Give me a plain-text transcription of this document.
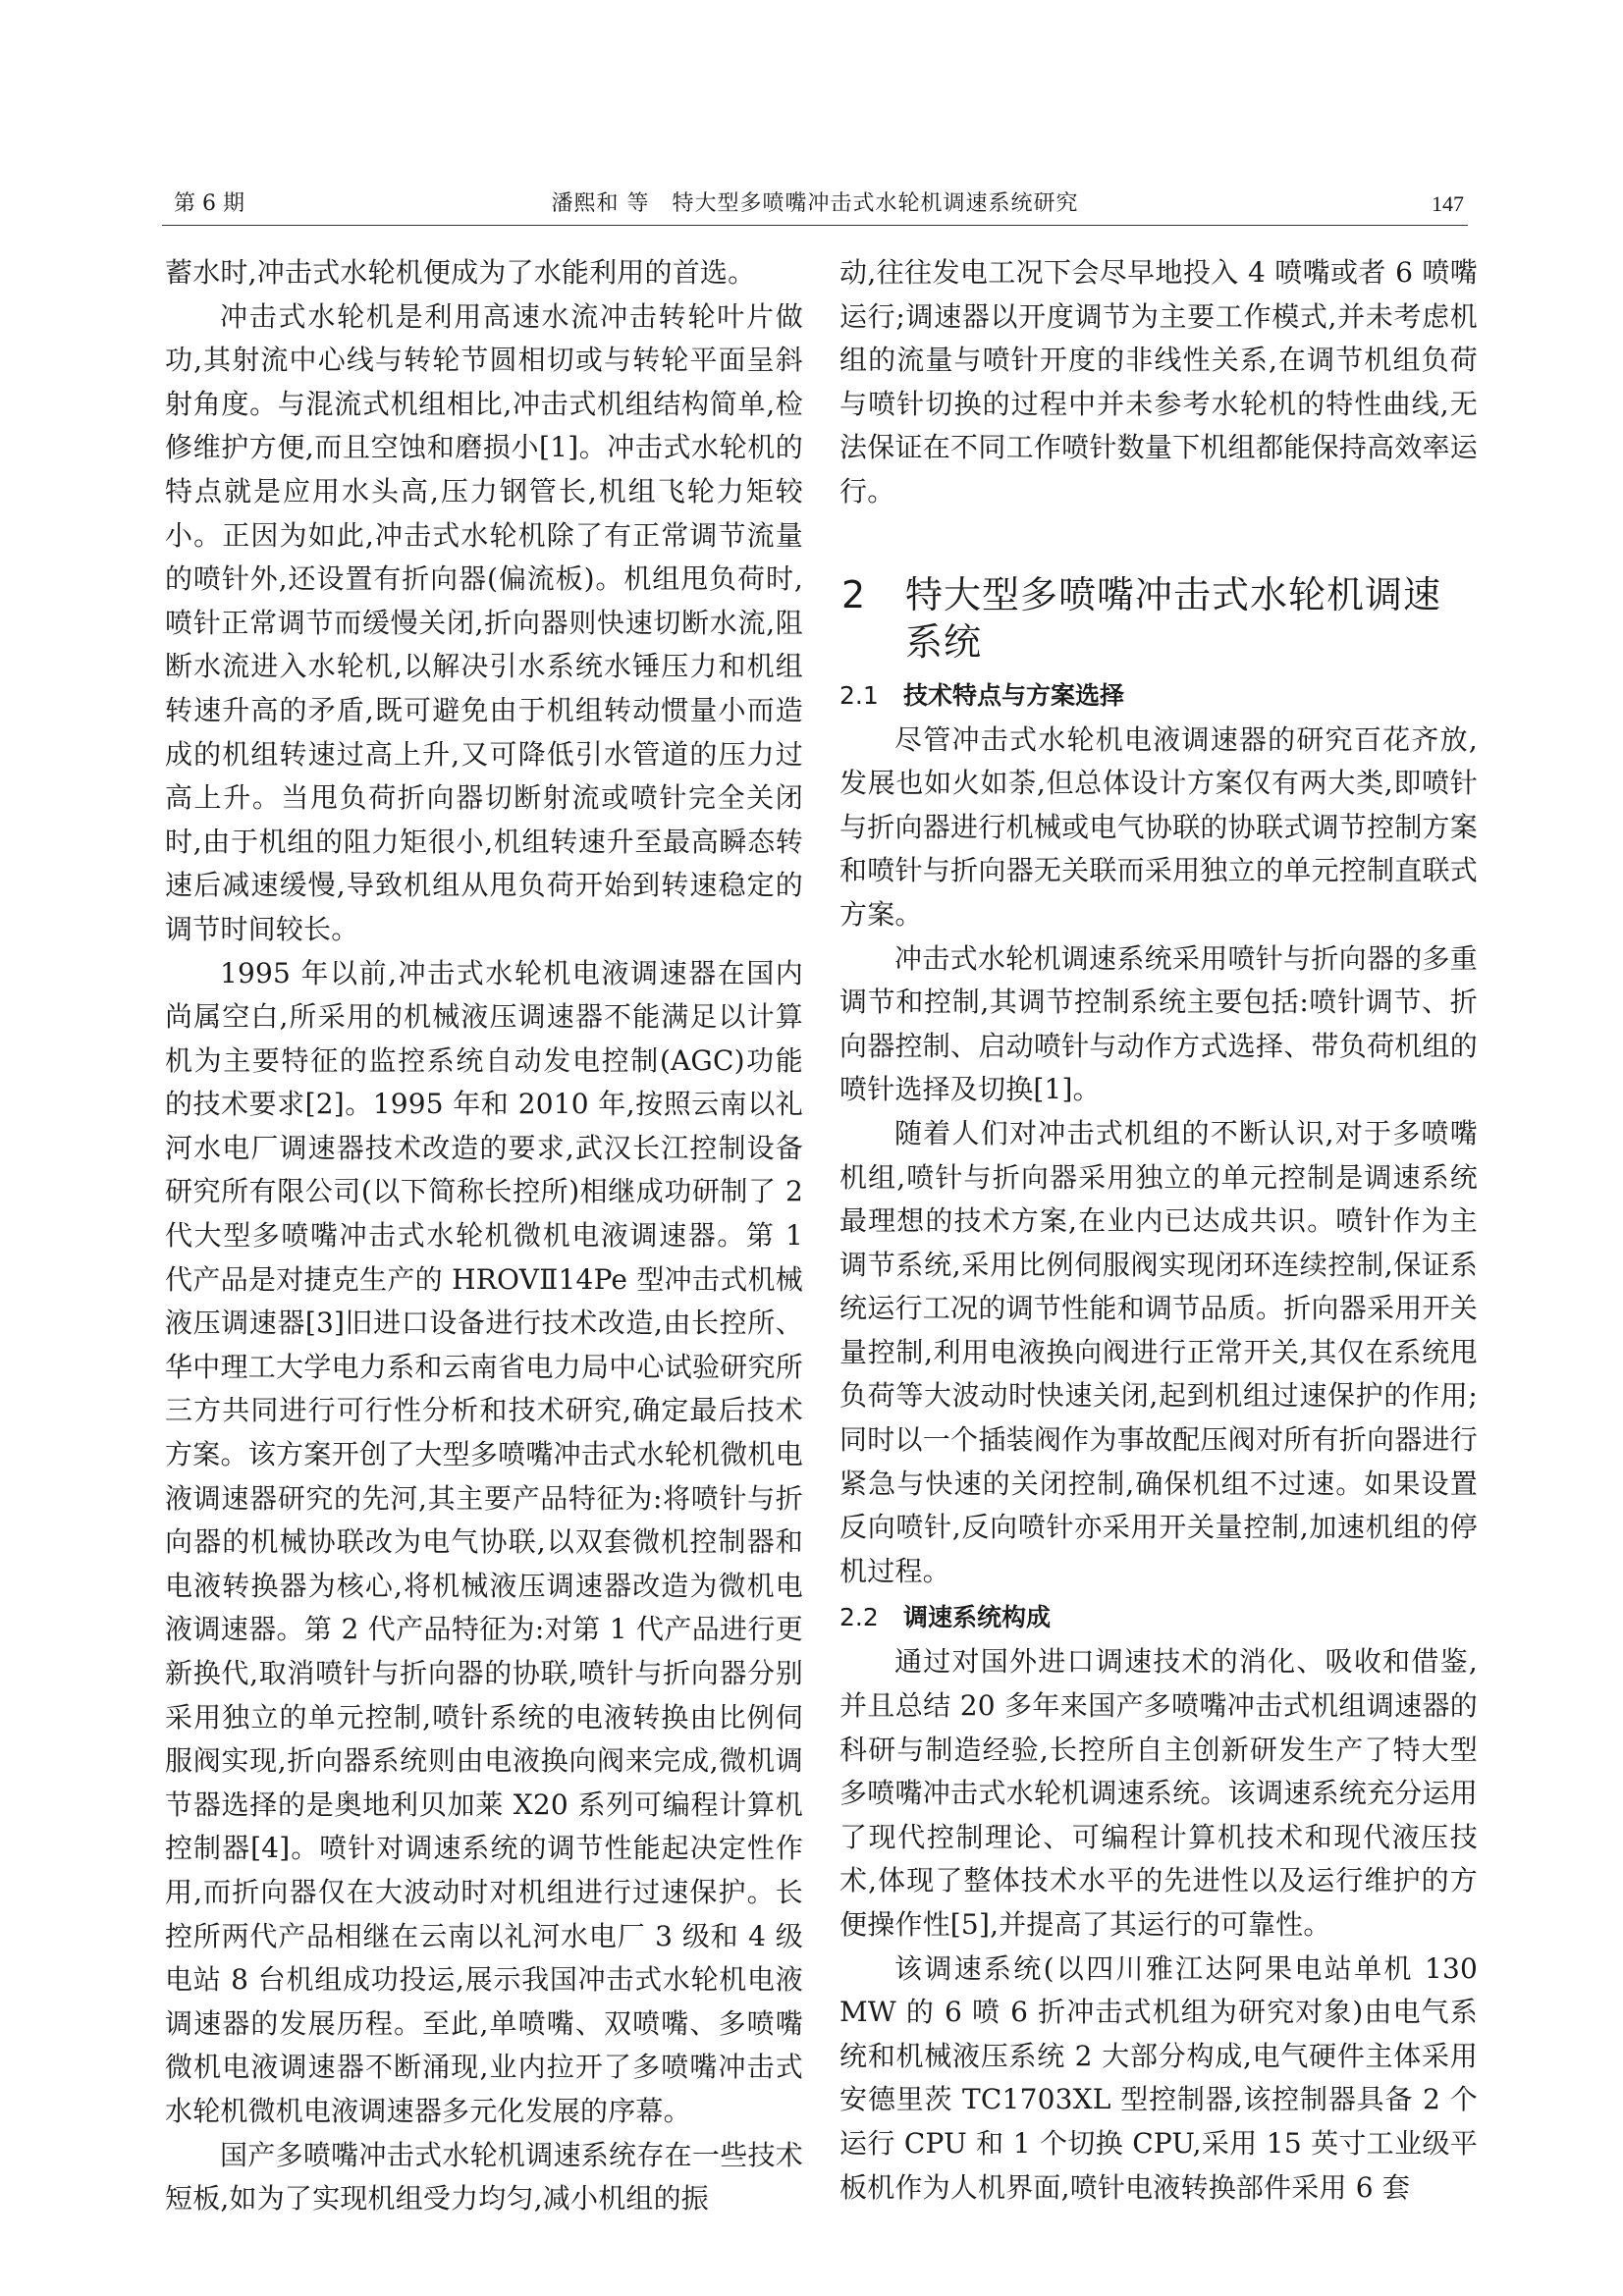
第 6 期	潘熙和 等　特大型多喷嘴冲击式水轮机调速系统研究	147

蓄水时,冲击式水轮机便成为了水能利用的首选。

冲击式水轮机是利用高速水流冲击转轮叶片做功,其射流中心线与转轮节圆相切或与转轮平面呈斜射角度。与混流式机组相比,冲击式机组结构简单,检修维护方便,而且空蚀和磨损小[1]。冲击式水轮机的特点就是应用水头高,压力钢管长,机组飞轮力矩较小。正因为如此,冲击式水轮机除了有正常调节流量的喷针外,还设置有折向器(偏流板)。机组甩负荷时,喷针正常调节而缓慢关闭,折向器则快速切断水流,阻断水流进入水轮机,以解决引水系统水锤压力和机组转速升高的矛盾,既可避免由于机组转动惯量小而造成的机组转速过高上升,又可降低引水管道的压力过高上升。当甩负荷折向器切断射流或喷针完全关闭时,由于机组的阻力矩很小,机组转速升至最高瞬态转速后减速缓慢,导致机组从甩负荷开始到转速稳定的调节时间较长。

1995 年以前,冲击式水轮机电液调速器在国内尚属空白,所采用的机械液压调速器不能满足以计算机为主要特征的监控系统自动发电控制(AGC)功能的技术要求[2]。1995 年和 2010 年,按照云南以礼河水电厂调速器技术改造的要求,武汉长江控制设备研究所有限公司(以下简称长控所)相继成功研制了 2 代大型多喷嘴冲击式水轮机微机电液调速器。第 1 代产品是对捷克生产的 HROVⅡ14Pe 型冲击式机械液压调速器[3]旧进口设备进行技术改造,由长控所、华中理工大学电力系和云南省电力局中心试验研究所三方共同进行可行性分析和技术研究,确定最后技术方案。该方案开创了大型多喷嘴冲击式水轮机微机电液调速器研究的先河,其主要产品特征为:将喷针与折向器的机械协联改为电气协联,以双套微机控制器和电液转换器为核心,将机械液压调速器改造为微机电液调速器。第 2 代产品特征为:对第 1 代产品进行更新换代,取消喷针与折向器的协联,喷针与折向器分别采用独立的单元控制,喷针系统的电液转换由比例伺服阀实现,折向器系统则由电液换向阀来完成,微机调节器选择的是奥地利贝加莱 X20 系列可编程计算机控制器[4]。喷针对调速系统的调节性能起决定性作用,而折向器仅在大波动时对机组进行过速保护。长控所两代产品相继在云南以礼河水电厂 3 级和 4 级电站 8 台机组成功投运,展示我国冲击式水轮机电液调速器的发展历程。至此,单喷嘴、双喷嘴、多喷嘴微机电液调速器不断涌现,业内拉开了多喷嘴冲击式水轮机微机电液调速器多元化发展的序幕。

国产多喷嘴冲击式水轮机调速系统存在一些技术短板,如为了实现机组受力均匀,减小机组的振

动,往往发电工况下会尽早地投入 4 喷嘴或者 6 喷嘴运行;调速器以开度调节为主要工作模式,并未考虑机组的流量与喷针开度的非线性关系,在调节机组负荷与喷针切换的过程中并未参考水轮机的特性曲线,无法保证在不同工作喷针数量下机组都能保持高效率运行。

2	特大型多喷嘴冲击式水轮机调速系统
2.1	技术特点与方案选择

尽管冲击式水轮机电液调速器的研究百花齐放,发展也如火如荼,但总体设计方案仅有两大类,即喷针与折向器进行机械或电气协联的协联式调节控制方案和喷针与折向器无关联而采用独立的单元控制直联式方案。

冲击式水轮机调速系统采用喷针与折向器的多重调节和控制,其调节控制系统主要包括:喷针调节、折向器控制、启动喷针与动作方式选择、带负荷机组的喷针选择及切换[1]。

随着人们对冲击式机组的不断认识,对于多喷嘴机组,喷针与折向器采用独立的单元控制是调速系统最理想的技术方案,在业内已达成共识。喷针作为主调节系统,采用比例伺服阀实现闭环连续控制,保证系统运行工况的调节性能和调节品质。折向器采用开关量控制,利用电液换向阀进行正常开关,其仅在系统甩负荷等大波动时快速关闭,起到机组过速保护的作用;同时以一个插装阀作为事故配压阀对所有折向器进行紧急与快速的关闭控制,确保机组不过速。如果设置反向喷针,反向喷针亦采用开关量控制,加速机组的停机过程。

2.2	调速系统构成

通过对国外进口调速技术的消化、吸收和借鉴,并且总结 20 多年来国产多喷嘴冲击式机组调速器的科研与制造经验,长控所自主创新研发生产了特大型多喷嘴冲击式水轮机调速系统。该调速系统充分运用了现代控制理论、可编程计算机技术和现代液压技术,体现了整体技术水平的先进性以及运行维护的方便操作性[5],并提高了其运行的可靠性。

该调速系统(以四川雅江达阿果电站单机 130 MW 的 6 喷 6 折冲击式机组为研究对象)由电气系统和机械液压系统 2 大部分构成,电气硬件主体采用安德里茨 TC1703XL 型控制器,该控制器具备 2 个运行 CPU 和 1 个切换 CPU,采用 15 英寸工业级平板机作为人机界面,喷针电液转换部件采用 6 套
